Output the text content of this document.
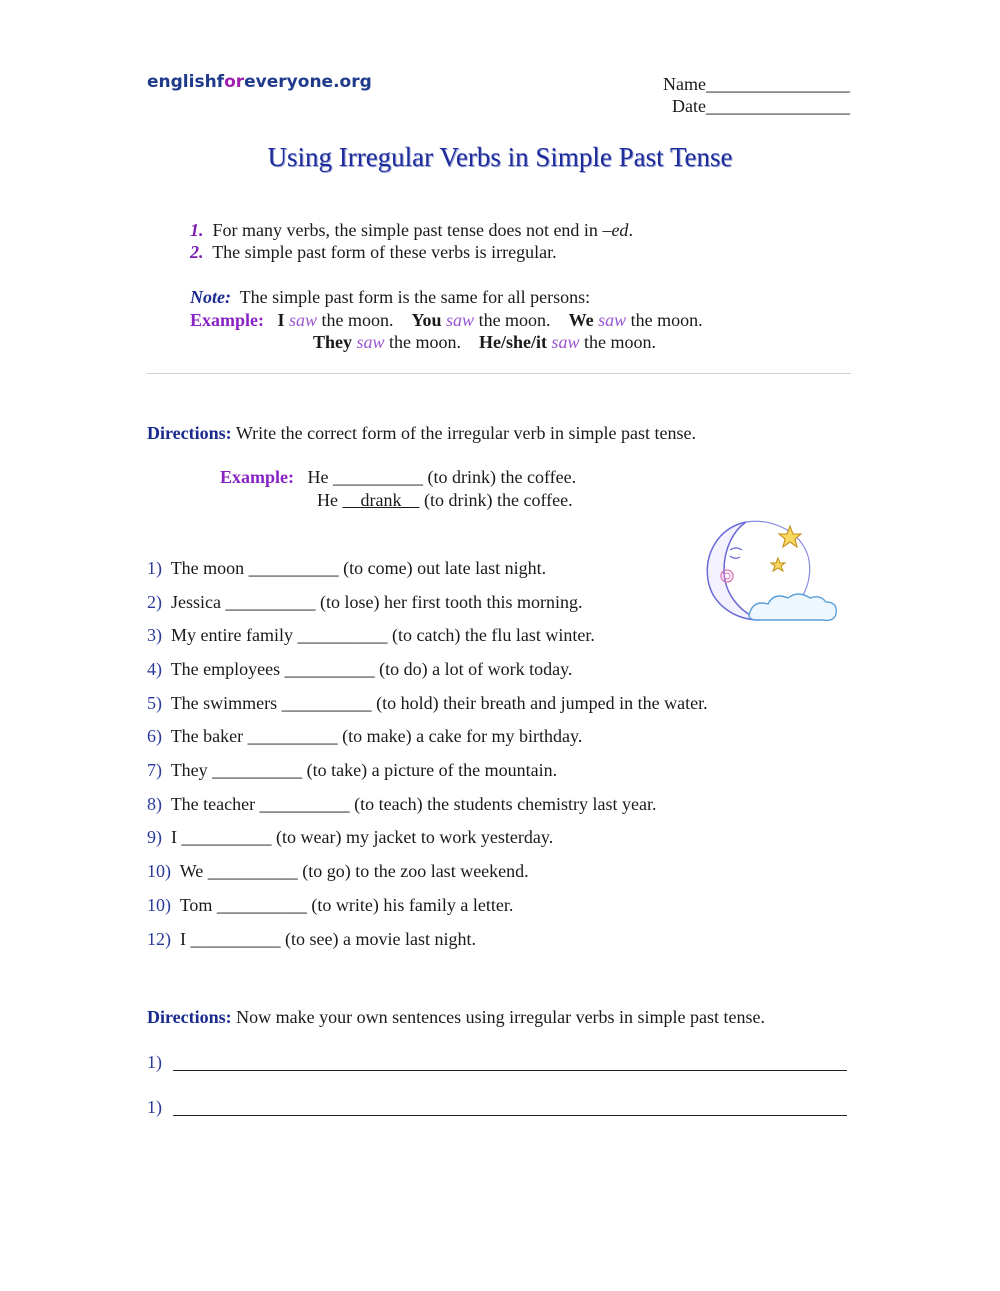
englishforeveryone.org	Name________________
Date________________
Using Irregular Verbs in Simple Past Tense
1. For many verbs, the simple past tense does not end in –ed.
2. The simple past form of these verbs is irregular.
Note: The simple past form is the same for all persons:
Example: I saw the moon. You saw the moon. We saw the moon.
They saw the moon. He/she/it saw the moon.
Directions: Write the correct form of the irregular verb in simple past tense.
Example: He __________ (to drink) the coffee.
He     drank     (to drink) the coffee.
1) The moon __________ (to come) out late last night.
2) Jessica __________ (to lose) her first tooth this morning.
3) My entire family __________ (to catch) the flu last winter.
4) The employees __________ (to do) a lot of work today.
5) The swimmers __________ (to hold) their breath and jumped in the water.
6) The baker __________ (to make) a cake for my birthday.
7) They __________ (to take) a picture of the mountain.
8) The teacher __________ (to teach) the students chemistry last year.
9) I __________ (to wear) my jacket to work yesterday.
10) We __________ (to go) to the zoo last weekend.
10) Tom __________ (to write) his family a letter.
12) I __________ (to see) a movie last night.
Directions: Now make your own sentences using irregular verbs in simple past tense.
1)
1)
